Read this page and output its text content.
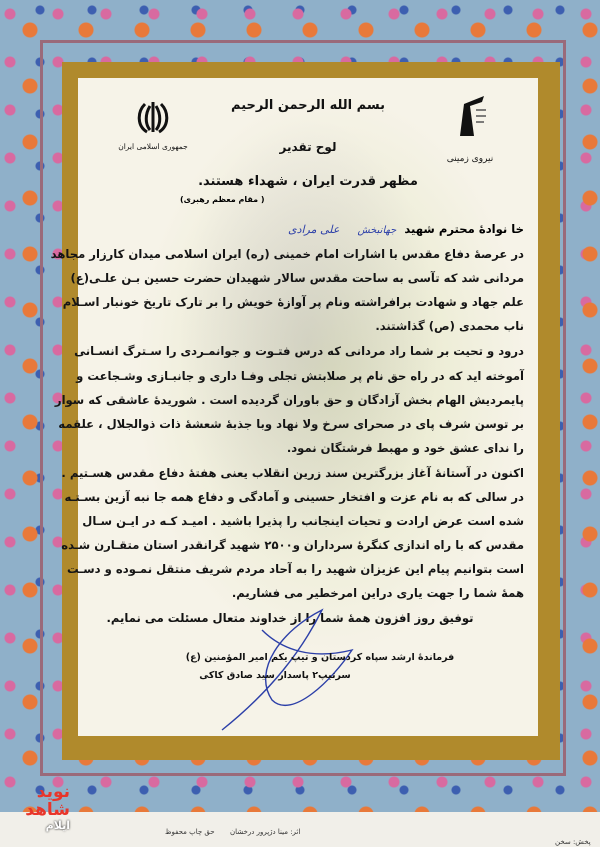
جمهوری اسلامی ایران
نیروی زمینی
بسم الله الرحمن الرحیم
لوح تقدیر
مظهر قدرت ایران ، شهداء هستند.
( مقام معظم رهبری)
خا نوادۀ محترم شهید جهانبخش علی مرادی
در عرصۀ دفاع مقدس با اشارات امام خمینی (ره) ایران اسلامی میدان کارزار مجاهد
مردانی شد که تآسی به ساحت مقدس سالار شهیدان حضرت حسین بـن علـی(ع)
علم جهاد و شهادت برافراشته ونام پر آوازۀ خویش را بر تارک تاریخ خونبار اسـلام
ناب محمدی (ص) گذاشتند.
درود و تحیت بر شما راد مردانی که درس فتـوت و جوانمـردی را سـترگ انسـانی
آموخته اید که در راه حق نام پر صلابتش تجلی وفـا داری و جانبـازی وشـجاعت و
پایمردیش الهام بخش آزادگان و حق باوران گردیده است . شوریدۀ عاشقی که سوار
بر توسن شرف پای در صحرای سرخ ولا نهاد وبا جذبۀ شعشۀ ذات ذوالجلال ، علقمه
را ندای عشق خود و مهبط فرشتگان نمود.
اکنون در آستانۀ آغاز بزرگترین سند زرین انقلاب یعنی هفتۀ دفاع مقدس هسـتیم .
در سالی که به نام عزت و افتخار حسینی و آمادگی و دفاع همه جا نبه آزین بسـتـه
شده است عرض ارادت و تحیات اینجانب را پذیرا باشید . امیـد کـه در ایـن سـال
مقدس که با راه اندازی کنگرۀ سرداران و۲۵۰۰ شهید گرانقدر استان متقـارن شـده
است بتوانیم پیام این عزیزان شهید را به آحاد مردم شریف منتقل نمـوده و دسـت
همۀ شما را جهت یاری دراین امرخطیر می فشاریم.
توفیق روز افزون همۀ شما را از خداوند متعال مسئلت می نمایم.
فرماندۀ ارشد سپاه کردستان و تیپ یکم امیر المؤمنین (ع)
سرتیپ۲ پاسدار سید صادق کاکی
اثر: مینا دژپرور درخشان
حق چاپ محفوظ
پخش: سخن
نوید شاهد
ایلام
